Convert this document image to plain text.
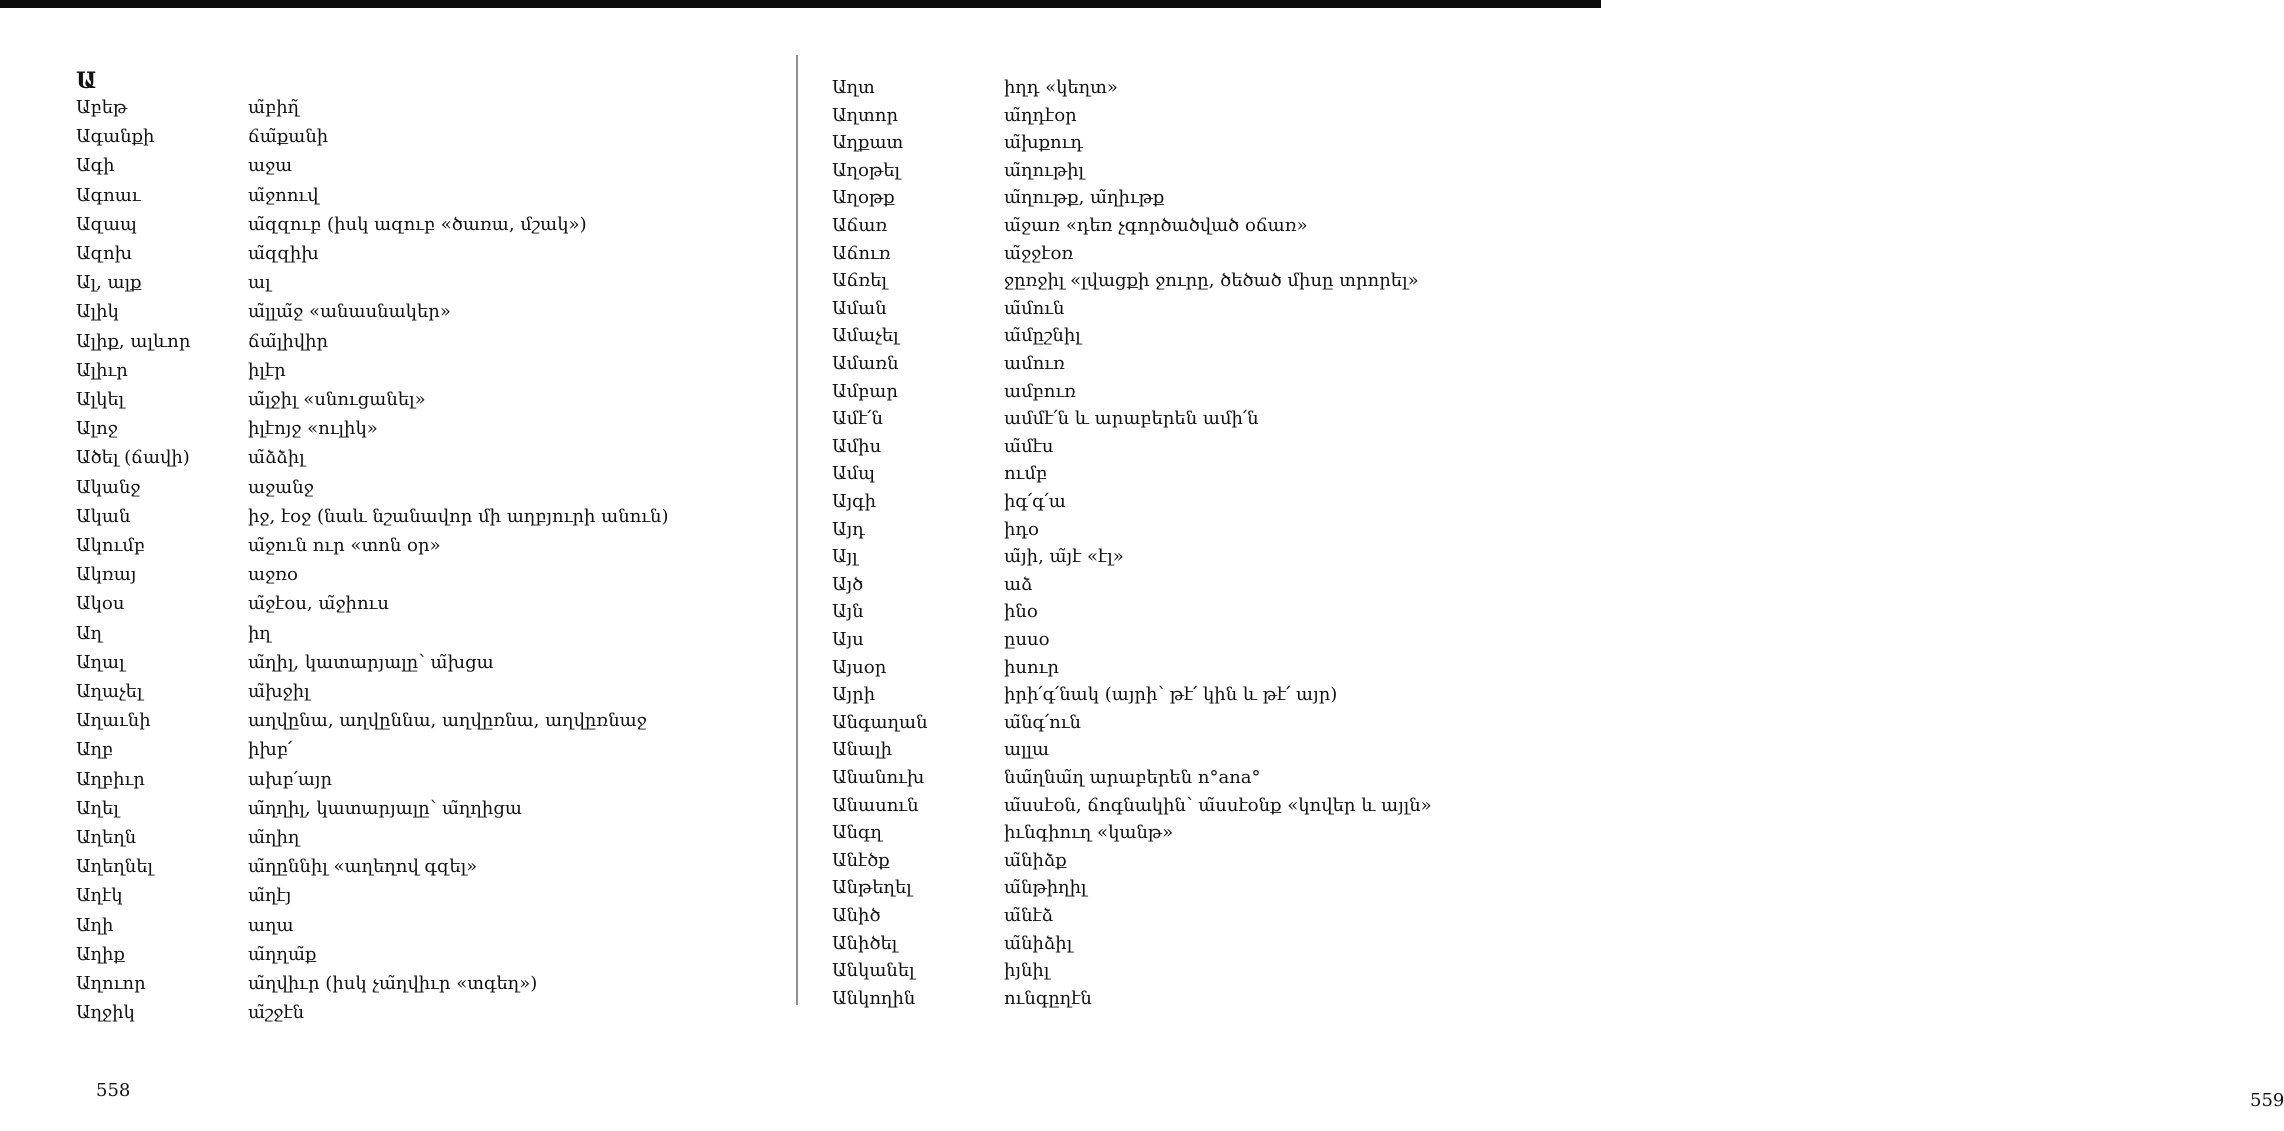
Ա
Աբեթ	ա̃բիղ̃
Ագանքի	ճա̃քանի
Ագի	աջա
Ագոաւ	ա̃ջոուվ
Ազապ	ա̃զզուբ (իսկ ազուբ «ծառա, մշակ»)
Ազոխ	ա̃զզիխ
Ալ, ալք	ալ
Ալիկ	ա̃լլա̃ջ «անասնակեր»
Ալիք, ալևոր	ճա̃լիվիր
Ալիւր	իլէր
Ալկել	ա̃լջիլ «սնուցանել»
Ալոջ	իլէոյջ «ուլիկ»
Ածել (ճավի)	ա̃ձձիլ
Ականջ	աջանջ
Ական	իջ, էօջ (նաև նշանավոր մի աղբյուրի անուն)
Ակումբ	ա̃ջուն ուր «տոն օր»
Ակռայ	աջռօ
Ակօս	ա̃ջէօս, ա̃ջիուս
Աղ	իղ
Աղալ	ա̃ղիլ, կատարյալը՝ ա̃խցա
Աղաչել	ա̃խջիլ
Աղաւնի	աղվընա, աղվըննա, աղվըռնա, աղվըռնաջ
Աղբ	իխբ՛
Աղբիւր	ախբ՛այր
Աղել	ա̃ղղիլ, կատարյալը՝ ա̃ղղիցա
Աղեղն	ա̃ղիղ
Աղեղնել	ա̃ղըննիլ «աղեղով գզել»
Աղէկ	ա̃ղէյ
Աղի	աղա
Աղիք	ա̃ղղա̃ք
Աղուոր	ա̃ղվիւր (իսկ չա̃ղվիւր «տգեղ»)
Աղջիկ	ա̃շջէն
558
Աղտ	իղդ «կեղտ»
Աղտոր	ա̃ղդէօր
Աղքատ	ա̃խքուդ
Աղօթել	ա̃ղութիլ
Աղօթք	ա̃ղութք, ա̃ղիւթք
Աճառ	ա̃ջառ «դեռ չգործածված օճառ»
Աճուռ	ա̃ջջէօռ
Աճռել	ջըռջիլ «լվացքի ջուրը, ծեծած միսը տրորել»
Աման	ա̃մուն
Ամաչել	ա̃մըշնիլ
Ամառն	ամուռ
Ամբար	ամբուռ
Ամէ՛ն	ամմէ՛ն և արաբերեն ամի՛ն
Ամիս	ա̃մէս
Ամպ	ումբ
Այգի	իգ՛գ՛ա
Այդ	իդօ
Այլ	ա̃յի, ա̃յէ «էլ»
Այծ	աձ
Այն	ինօ
Այս	ըսսօ
Այսօր	իսուր
Այրի	իրի՛գ՛նակ (այրի՝ թէ՛ կին և թէ՛ այր)
Անգաղան	ա̃նգ՛ուն
Անալի	ալլա
Անանուխ	նա̃ղնա̃ղ արաբերեն n°ana°
Անասուն	ա̃սսէօն, ճոգնակին՝ ա̃սսէօնք «կովեր և այլն»
Անգղ	իւնգիուղ «կանթ»
Անէծք	ա̃նիձք
Անթեղել	ա̃նթիղիլ
Անիծ	ա̃նէձ
Անիծել	ա̃նիձիլ
Անկանել	իյնիլ
Անկողին	ունգըղէն
559
